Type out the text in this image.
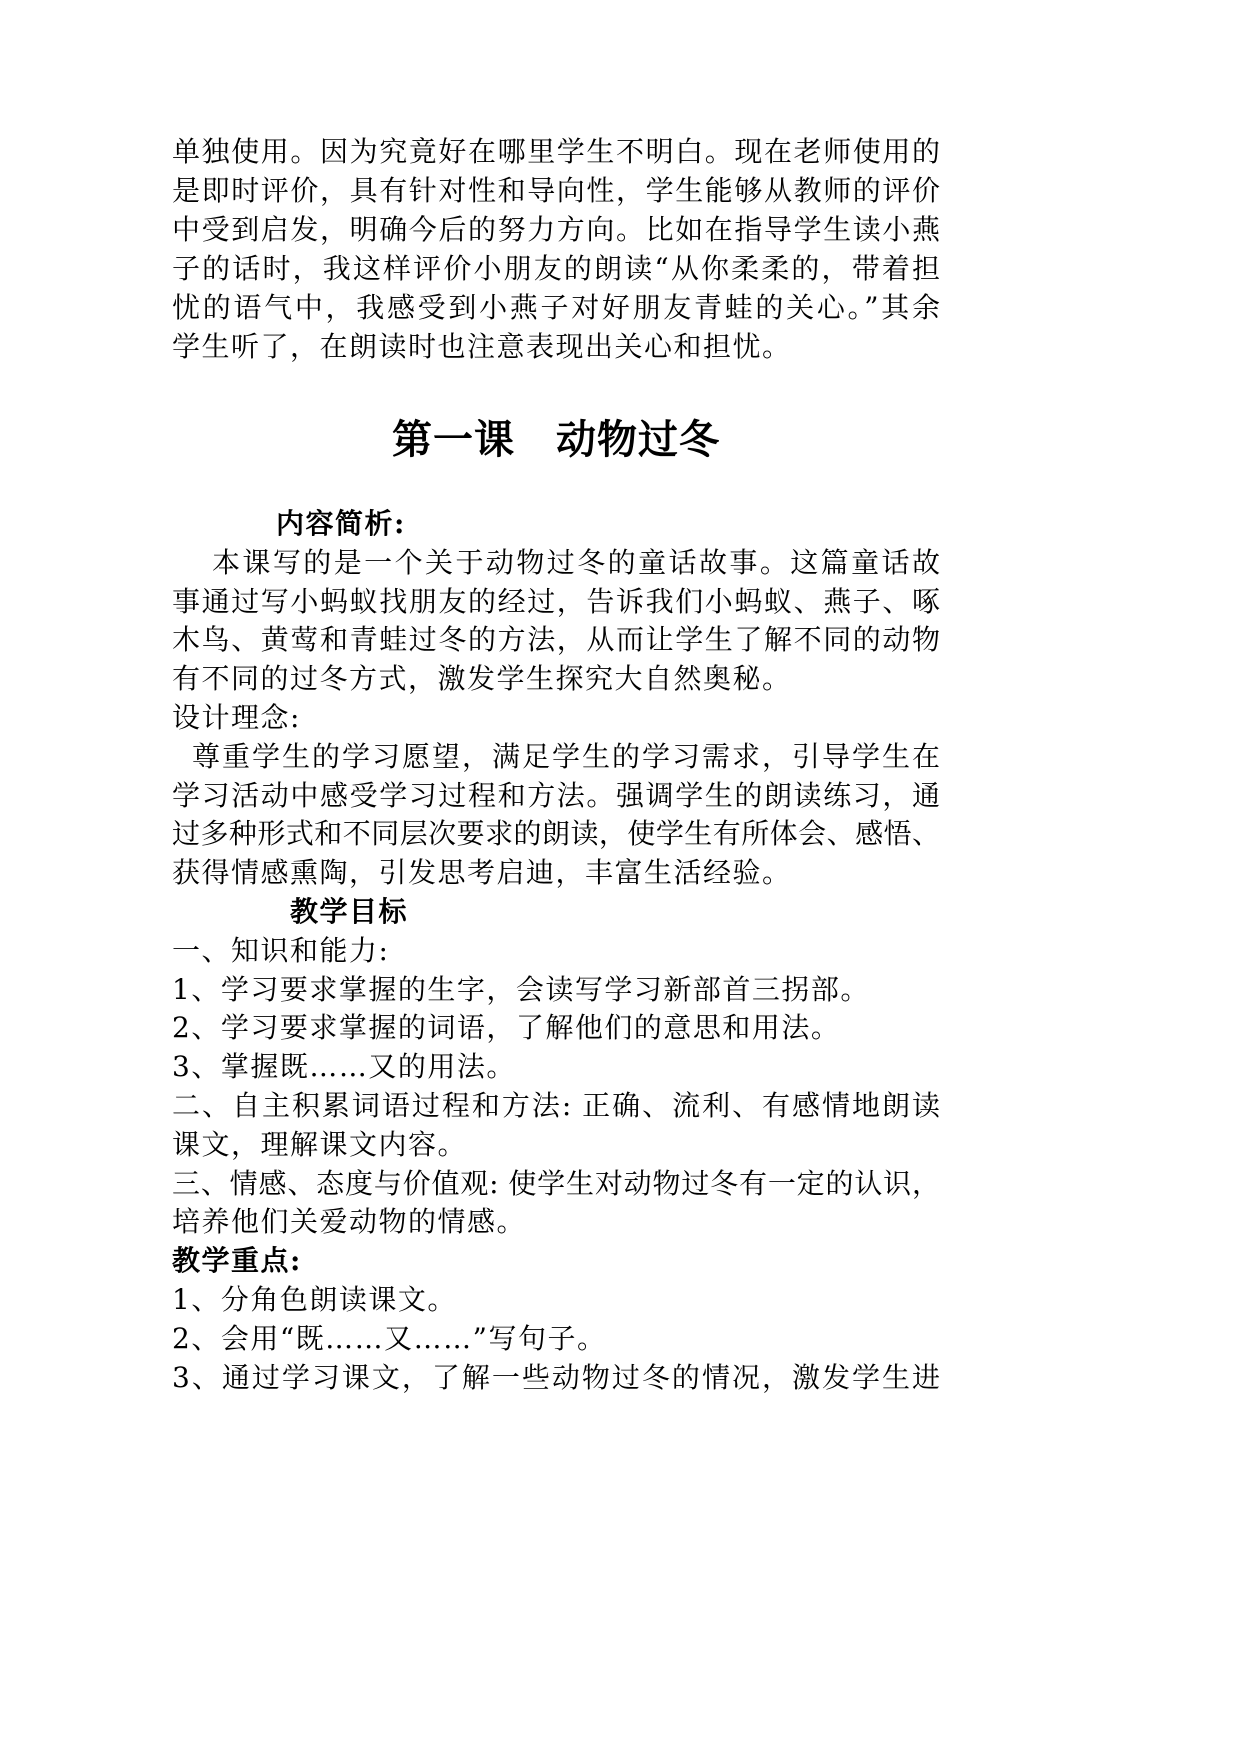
单独使用。因为究竟好在哪里学生不明白。现在老师使用的
是即时评价，具有针对性和导向性，学生能够从教师的评价
中受到启发，明确今后的努力方向。比如在指导学生读小燕
子的话时，我这样评价小朋友的朗读“从你柔柔的，带着担
忧的语气中，我感受到小燕子对好朋友青蛙的关心。”其余
学生听了，在朗读时也注意表现出关心和担忧。
第一课　动物过冬
内容简析:
本课写的是一个关于动物过冬的童话故事。这篇童话故
事通过写小蚂蚁找朋友的经过，告诉我们小蚂蚁、燕子、啄
木鸟、黄莺和青蛙过冬的方法，从而让学生了解不同的动物
有不同的过冬方式，激发学生探究大自然奥秘。
设计理念:
尊重学生的学习愿望，满足学生的学习需求，引导学生在
学习活动中感受学习过程和方法。强调学生的朗读练习，通
过多种形式和不同层次要求的朗读，使学生有所体会、感悟、
获得情感熏陶，引发思考启迪，丰富生活经验。
教学目标
一、知识和能力:
1、学习要求掌握的生字，会读写学习新部首三拐部。
2、学习要求掌握的词语，了解他们的意思和用法。
3、掌握既……又的用法。
二、自主积累词语过程和方法: 正确、流利、有感情地朗读
课文，理解课文内容。
三、情感、态度与价值观: 使学生对动物过冬有一定的认识，
培养他们关爱动物的情感。
教学重点:
1、分角色朗读课文。
2、会用“既……又……”写句子。
3、通过学习课文，了解一些动物过冬的情况，激发学生进
